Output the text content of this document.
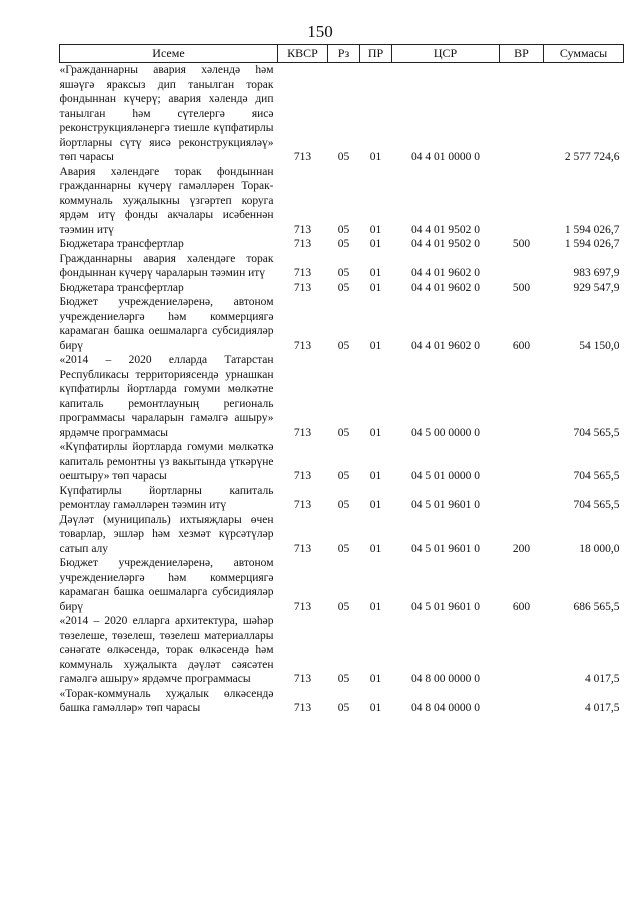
150
Исеме	КВСР	Рз	ПР	ЦСР	ВР	Суммасы
«Гражданнарны авария хәлендә һәм яшәүгә яраксыз дип танылган торак фондыннан күчерү; авария хәлендә дип танылган һәм сүтелергә яисә реконструкцияләнергә тиешле күпфатирлы йортларны сүтү яисә реконструкцияләү» төп чарасы	713	05	01	04 4 01 0000 0		2 577 724,6
Авария хәлендәге торак фондыннан гражданнарны күчерү гамәлләрен Торак-коммуналь хуҗалыкны үзгәртеп коруга ярдәм итү фонды акчалары исәбеннән тәэмин итү	713	05	01	04 4 01 9502 0		1 594 026,7
Бюджетара трансфертлар	713	05	01	04 4 01 9502 0	500	1 594 026,7
Гражданнарны авария хәлендәге торак фондыннан күчерү чараларын тәэмин итү	713	05	01	04 4 01 9602 0		983 697,9
Бюджетара трансфертлар	713	05	01	04 4 01 9602 0	500	929 547,9
Бюджет учреждениеләренә, автоном учреждениеләргә һәм коммерциягә карамаган башка оешмаларга субсидияләр бирү	713	05	01	04 4 01 9602 0	600	54 150,0
«2014 – 2020 елларда Татарстан Республикасы территориясендә урнашкан күпфатирлы йортларда гомуми мөлкәтне капиталь ремонтлауның региональ программасы чараларын гамәлгә ашыру» ярдәмче программасы	713	05	01	04 5 00 0000 0		704 565,5
«Күпфатирлы йортларда гомуми мөлкәткә капиталь ремонтны үз вакытында үткәрүне оештыру» төп чарасы	713	05	01	04 5 01 0000 0		704 565,5
Күпфатирлы йортларны капиталь ремонтлау гамәлләрен тәэмин итү	713	05	01	04 5 01 9601 0		704 565,5
Дәүләт (муниципаль) ихтыяҗлары өчен товарлар, эшләр һәм хезмәт күрсәтүләр сатып алу	713	05	01	04 5 01 9601 0	200	18 000,0
Бюджет учреждениеләренә, автоном учреждениеләргә һәм коммерциягә карамаган башка оешмаларга субсидияләр бирү	713	05	01	04 5 01 9601 0	600	686 565,5
«2014 – 2020 елларга архитектура, шәһәр төзелеше, төзелеш, төзелеш материаллары сәнәгате өлкәсендә, торак өлкәсендә һәм коммуналь хуҗалыкта дәүләт сәясәтен гамәлгә ашыру» ярдәмче программасы	713	05	01	04 8 00 0000 0		4 017,5
«Торак-коммуналь хуҗалык өлкәсендә башка гамәлләр» төп чарасы	713	05	01	04 8 04 0000 0		4 017,5
